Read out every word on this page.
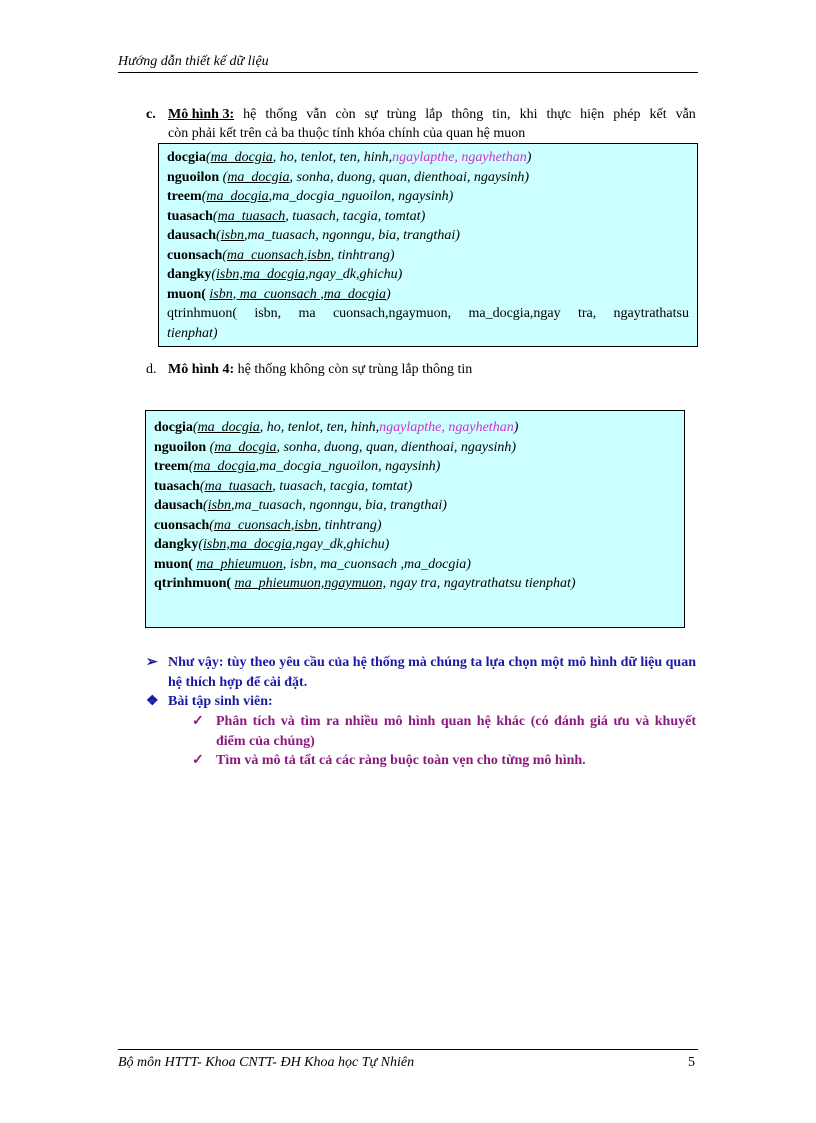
Hướng dẫn thiết kế dữ liệu
c. Mô hình 3: hệ thống vẫn còn sự trùng lắp thông tin, khi thực hiện phép kết vẫn
còn phải kết trên cả ba thuộc tính khóa chính của quan hệ muon
docgia(ma_docgia, ho, tenlot, ten, hinh,ngaylapthe, ngayhethan)
nguoilon (ma_docgia, sonha, duong, quan, dienthoai, ngaysinh)
treem(ma_docgia,ma_docgia_nguoilon, ngaysinh)
tuasach(ma_tuasach, tuasach, tacgia, tomtat)
dausach(isbn,ma_tuasach, ngonngu, bia, trangthai)
cuonsach(ma_cuonsach,isbn, tinhtrang)
dangky(isbn,ma_docgia,ngay_dk,ghichu)
muon( isbn, ma_cuonsach ,ma_docgia)
qtrinhmuon( isbn, ma cuonsach,ngaymuon, ma_docgia,ngay tra, ngaytrathatsu
tienphat)
d. Mô hình 4: hệ thống không còn sự trùng lắp thông tin
docgia(ma_docgia, ho, tenlot, ten, hinh,ngaylapthe, ngayhethan)
nguoilon (ma_docgia, sonha, duong, quan, dienthoai, ngaysinh)
treem(ma_docgia,ma_docgia_nguoilon, ngaysinh)
tuasach(ma_tuasach, tuasach, tacgia, tomtat)
dausach(isbn,ma_tuasach, ngonngu, bia, trangthai)
cuonsach(ma_cuonsach,isbn, tinhtrang)
dangky(isbn,ma_docgia,ngay_dk,ghichu)
muon( ma_phieumuon, isbn, ma_cuonsach ,ma_docgia)
qtrinhmuon( ma_phieumuon,ngaymuon, ngay tra, ngaytrathatsu tienphat)
➢ Như vậy: tùy theo yêu cầu của hệ thống mà chúng ta lựa chọn một mô hình dữ liệu quan hệ thích hợp để cài đặt.
❖ Bài tập sinh viên:
✓ Phân tích và tìm ra nhiều mô hình quan hệ khác (có đánh giá ưu và khuyết điểm của chúng)
✓ Tìm và mô tả tất cả các ràng buộc toàn vẹn cho từng mô hình.
Bộ môn HTTT- Khoa CNTT- ĐH Khoa học Tự Nhiên	5
